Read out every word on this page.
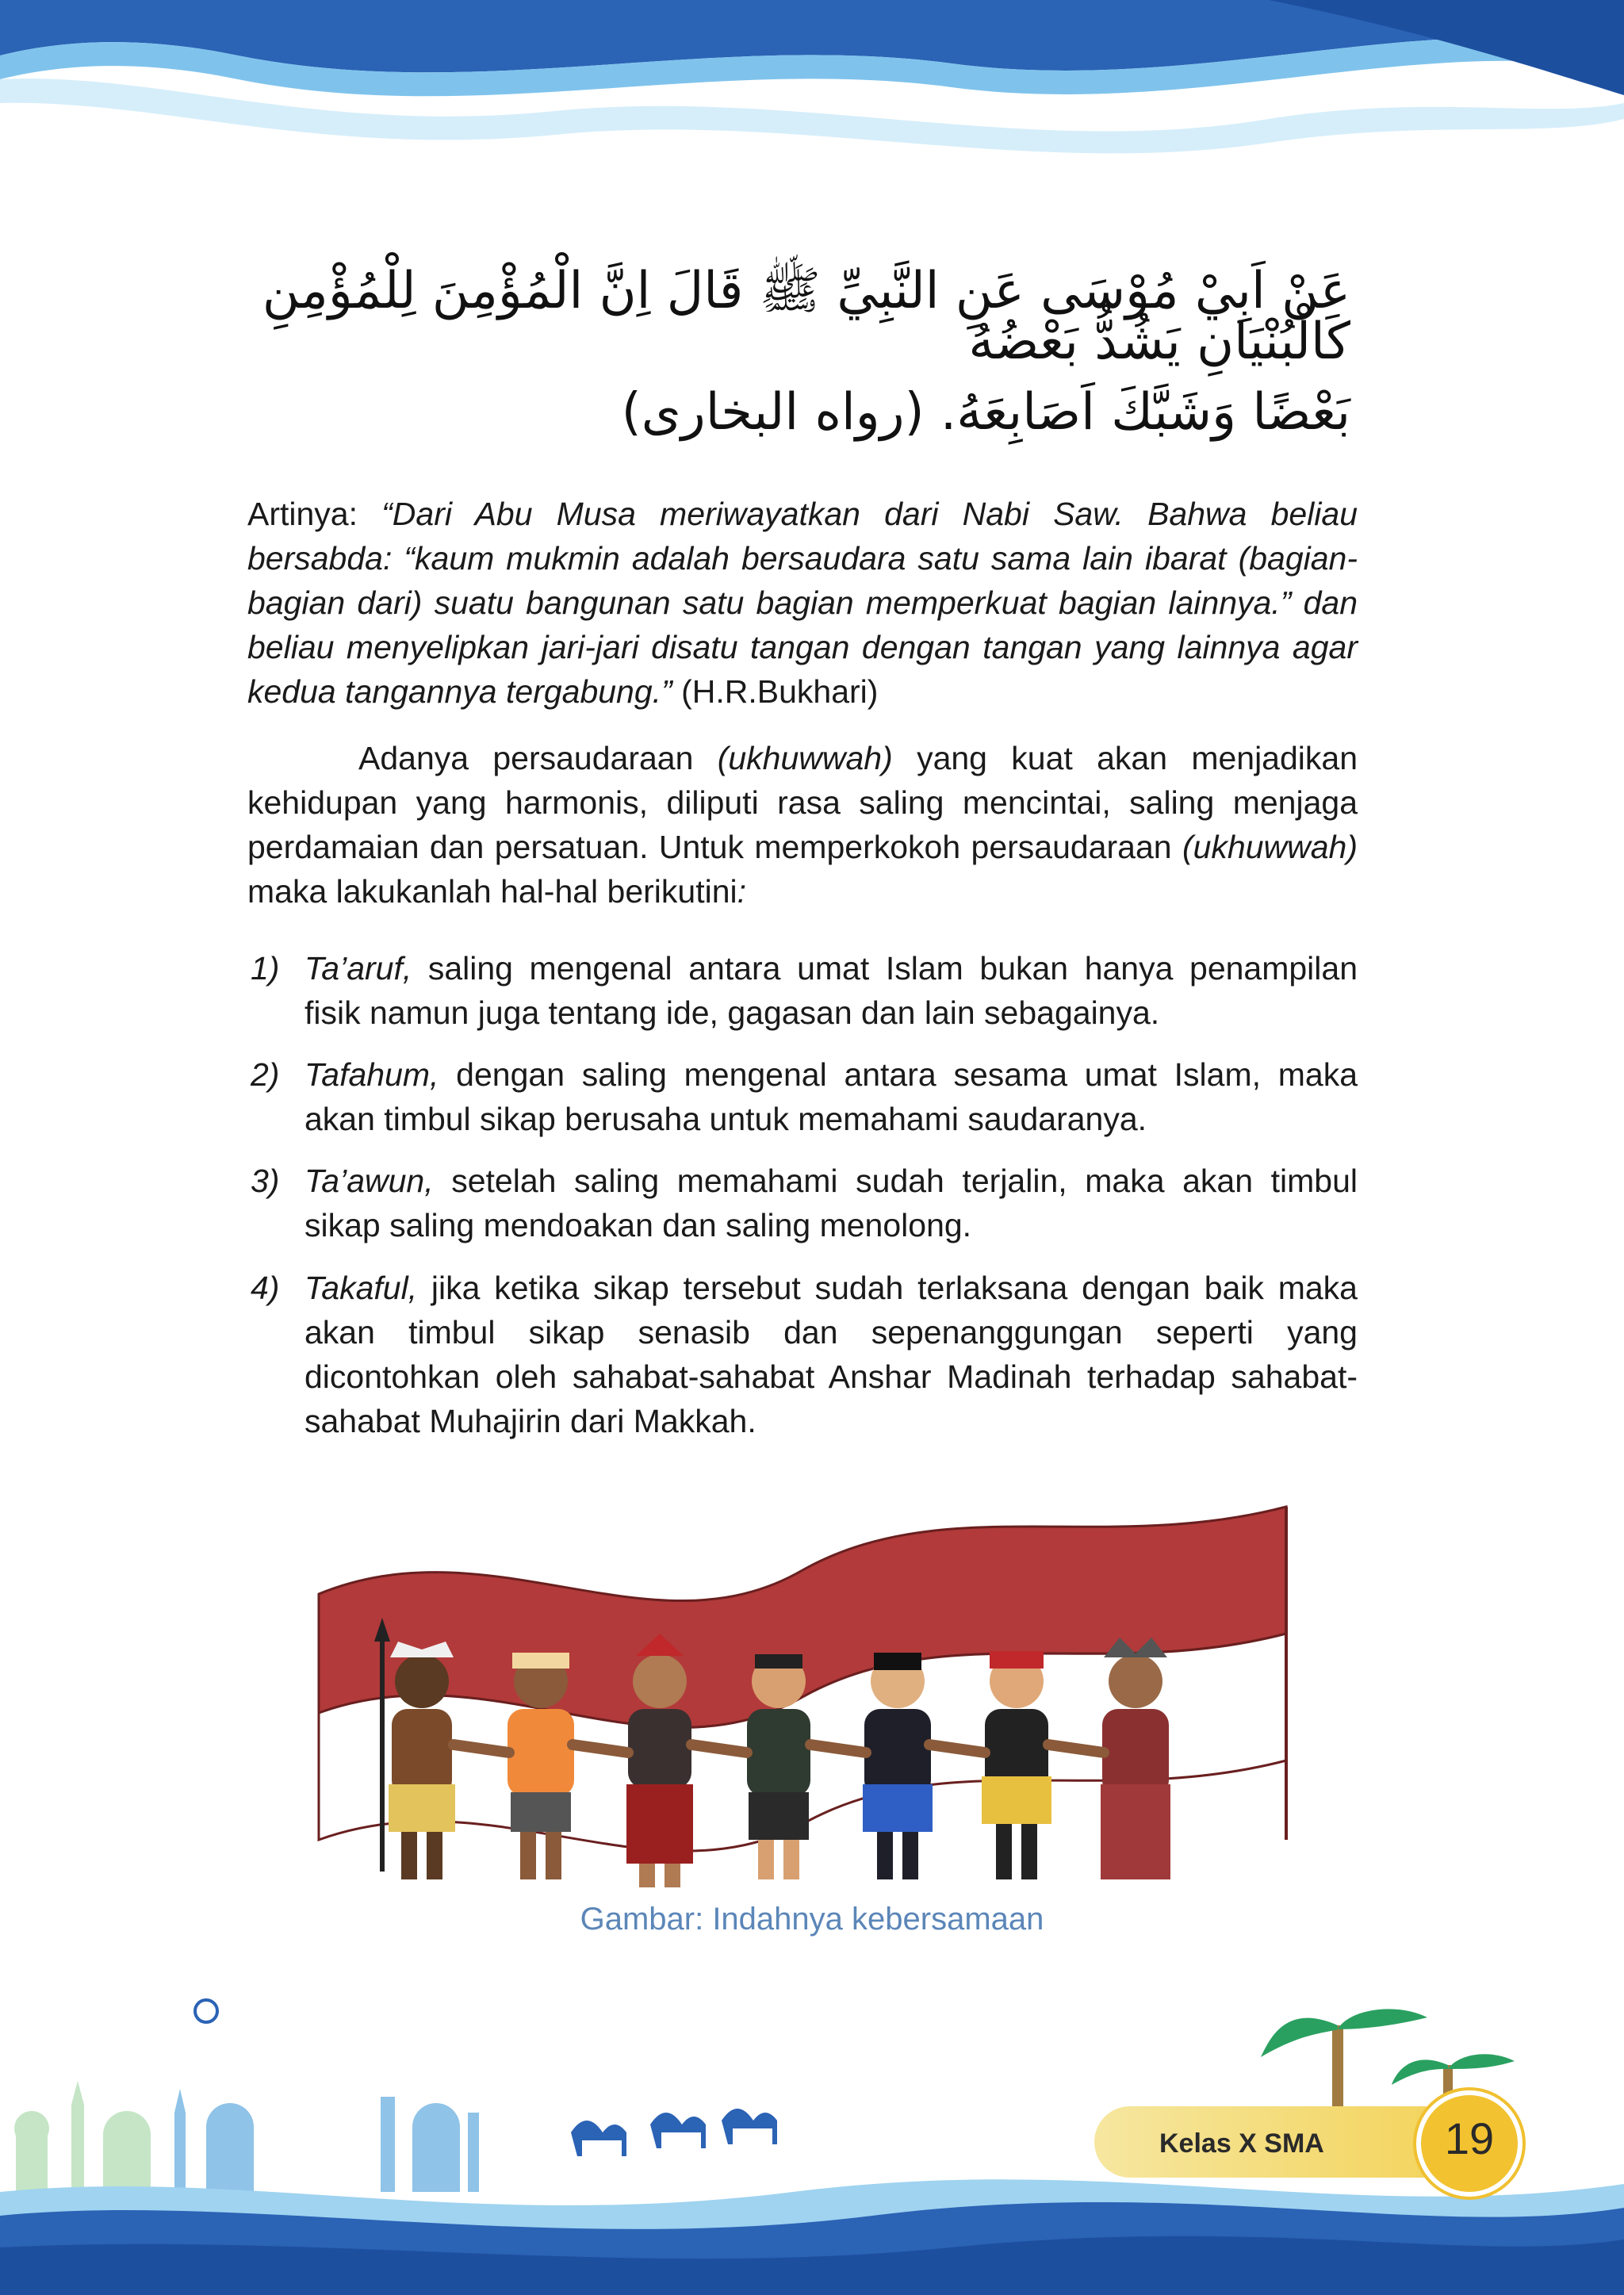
عَنْ اَبِيْ مُوْسَى عَنِ النَّبِيِّ ﷺ قَالَ اِنَّ الْمُؤْمِنَ لِلْمُؤْمِنِ كَالْبُنْيَانِ يَشُدُّ بَعْضُهُ
بَعْضًا وَشَبَّكَ اَصَابِعَهُ. (رواه البخارى)
Artinya: “Dari Abu Musa meriwayatkan dari Nabi Saw. Bahwa beliau bersabda: “kaum mukmin adalah bersaudara satu sama lain ibarat (bagian-bagian dari) suatu bangunan satu bagian memperkuat bagian lainnya.” dan beliau menyelipkan jari-jari disatu tangan dengan tangan yang lainnya agar kedua tangannya tergabung.” (H.R.Bukhari)
Adanya persaudaraan (ukhuwwah) yang kuat akan menjadikan kehidupan yang harmonis, diliputi rasa saling mencintai, saling menjaga perdamaian dan persatuan. Untuk memperkokoh persaudaraan (ukhuwwah) maka lakukanlah hal-hal berikutini:
1) Ta’aruf, saling mengenal antara umat Islam bukan hanya penampilan fisik namun juga tentang ide, gagasan dan lain sebagainya.
2) Tafahum, dengan saling mengenal antara sesama umat Islam, maka akan timbul sikap berusaha untuk memahami saudaranya.
3) Ta’awun, setelah saling memahami sudah terjalin, maka akan timbul sikap saling mendoakan dan saling menolong.
4) Takaful, jika ketika sikap tersebut sudah terlaksana dengan baik maka akan timbul sikap senasib dan sepenanggungan seperti yang dicontohkan oleh sahabat-sahabat Anshar Madinah terhadap sahabat-sahabat Muhajirin dari Makkah.
Gambar: Indahnya kebersamaan
Kelas X SMA	19
